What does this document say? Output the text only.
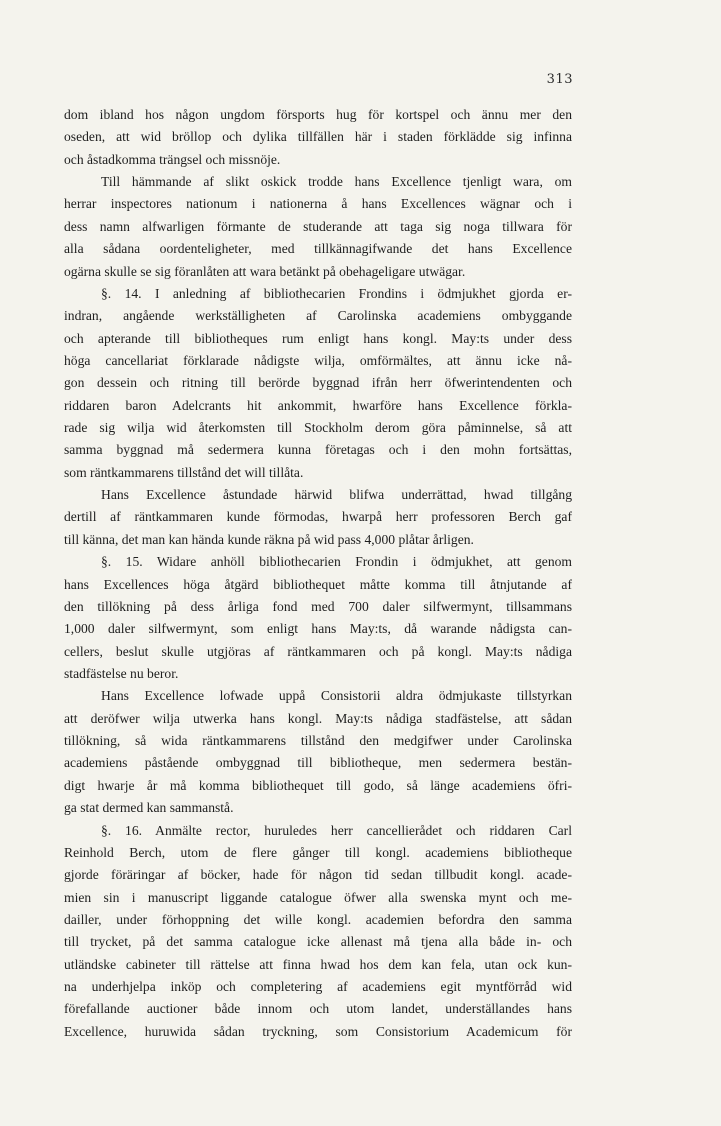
313
dom ibland hos någon ungdom försports hug för kortspel och ännu mer den
oseden, att wid bröllop och dylika tillfällen här i staden förklädde sig infinna
och åstadkomma trängsel och missnöje.
Till hämmande af slikt oskick trodde hans Excellence tjenligt wara, om
herrar inspectores nationum i nationerna å hans Excellences wägnar och i
dess namn alfwarligen förmante de studerande att taga sig noga tillwara för
alla sådana oordenteligheter, med tillkännagifwande det hans Excellence
ogärna skulle se sig föranlåten att wara betänkt på obehageligare utwägar.
§. 14. I anledning af bibliothecarien Frondins i ödmjukhet gjorda er-
indran, angående werkställigheten af Carolinska academiens ombyggande
och apterande till bibliotheques rum enligt hans kongl. May:ts under dess
höga cancellariat förklarade nådigste wilja, omförmältes, att ännu icke nå-
gon dessein och ritning till berörde byggnad ifrån herr öfwerintendenten och
riddaren baron Adelcrants hit ankommit, hwarföre hans Excellence förkla-
rade sig wilja wid återkomsten till Stockholm derom göra påminnelse, så att
samma byggnad må sedermera kunna företagas och i den mohn fortsättas,
som räntkammarens tillstånd det will tillåta.
Hans Excellence åstundade härwid blifwa underrättad, hwad tillgång
dertill af räntkammaren kunde förmodas, hwarpå herr professoren Berch gaf
till känna, det man kan hända kunde räkna på wid pass 4,000 plåtar årligen.
§. 15. Widare anhöll bibliothecarien Frondin i ödmjukhet, att genom
hans Excellences höga åtgärd bibliothequet måtte komma till åtnjutande af
den tillökning på dess årliga fond med 700 daler silfwermynt, tillsammans
1,000 daler silfwermynt, som enligt hans May:ts, då warande nådigsta can-
cellers, beslut skulle utgjöras af räntkammaren och på kongl. May:ts nådiga
stadfästelse nu beror.
Hans Excellence lofwade uppå Consistorii aldra ödmjukaste tillstyrkan
att deröfwer wilja utwerka hans kongl. May:ts nådiga stadfästelse, att sådan
tillökning, så wida räntkammarens tillstånd den medgifwer under Carolinska
academiens påstående ombyggnad till bibliotheque, men sedermera bestän-
digt hwarje år må komma bibliothequet till godo, så länge academiens öfri-
ga stat dermed kan sammanstå.
§. 16. Anmälte rector, huruledes herr cancellierådet och riddaren Carl
Reinhold Berch, utom de flere gånger till kongl. academiens bibliotheque
gjorde föräringar af böcker, hade för någon tid sedan tillbudit kongl. acade-
mien sin i manuscript liggande catalogue öfwer alla swenska mynt och me-
dailler, under förhoppning det wille kongl. academien befordra den samma
till trycket, på det samma catalogue icke allenast må tjena alla både in- och
utländske cabineter till rättelse att finna hwad hos dem kan fela, utan ock kun-
na underhjelpa inköp och completering af academiens egit myntförråd wid
förefallande auctioner både innom och utom landet, underställandes hans
Excellence, huruwida sådan tryckning, som Consistorium Academicum för
